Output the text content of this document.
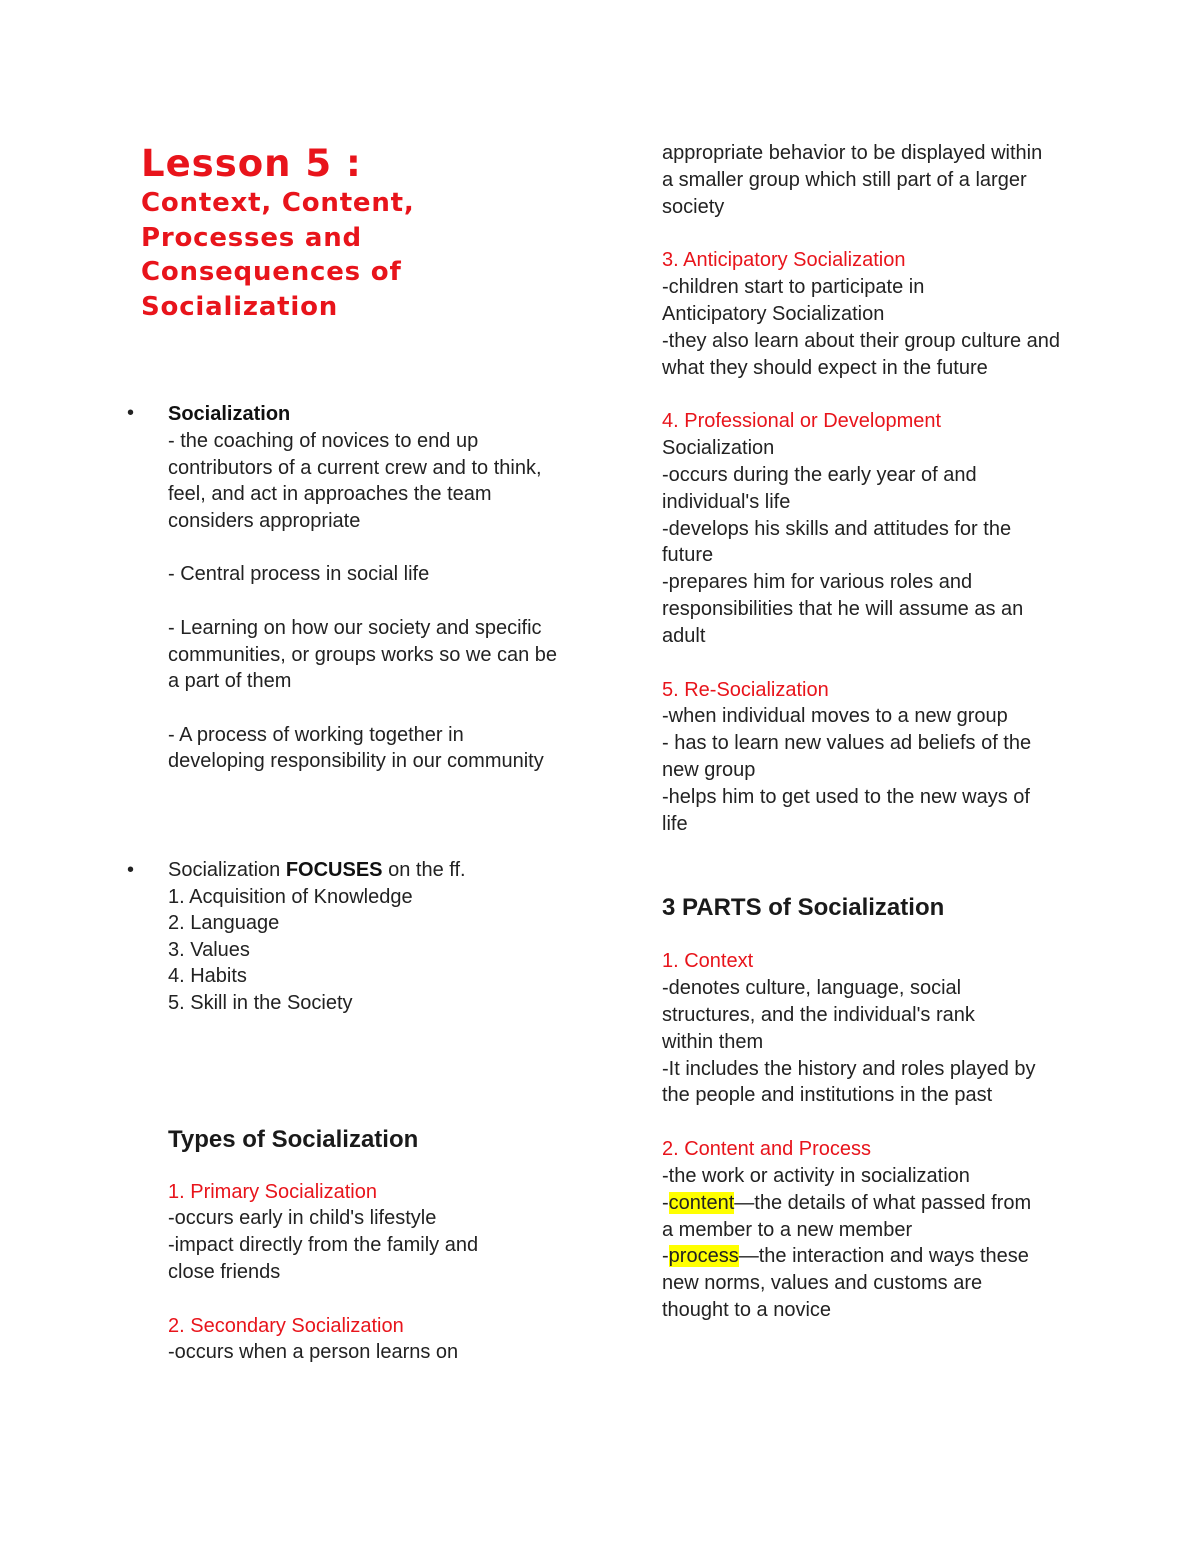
Lesson 5 :

Context, Content,

Processes and

Consequences of

Socialization

• Socialization

- the coaching of novices to end up contributors of a current crew and to think, feel, and act in approaches the team considers appropriate

- Central process in social life

- Learning on how our society and specific communities, or groups works so we can be a part of them

- A process of working together in developing responsibility in our community

• Socialization FOCUSES on the ff.

1. Acquisition of Knowledge

2. Language

3. Values

4. Habits

5. Skill in the Society

Types of Socialization

1. Primary Socialization

-occurs early in child's lifestyle

-impact directly from the family and close friends

2. Secondary Socialization

-occurs when a person learns on

appropriate behavior to be displayed within a smaller group which still part of a larger society

3. Anticipatory Socialization

-children start to participate in Anticipatory Socialization

-they also learn about their group culture and what they should expect in the future

4. Professional or Development

Socialization

-occurs during the early year of and individual's life

-develops his skills and attitudes for the future

-prepares him for various roles and responsibilities that he will assume as an adult

5. Re-Socialization

-when individual moves to a new group

- has to learn new values ad beliefs of the new group

-helps him to get used to the new ways of life

3 PARTS of Socialization

1. Context

-denotes culture, language, social structures, and the individual's rank within them

-It includes the history and roles played by the people and institutions in the past

2. Content and Process

-the work or activity in socialization

-content—the details of what passed from a member to a new member

-process—the interaction and ways these new norms, values and customs are thought to a novice
